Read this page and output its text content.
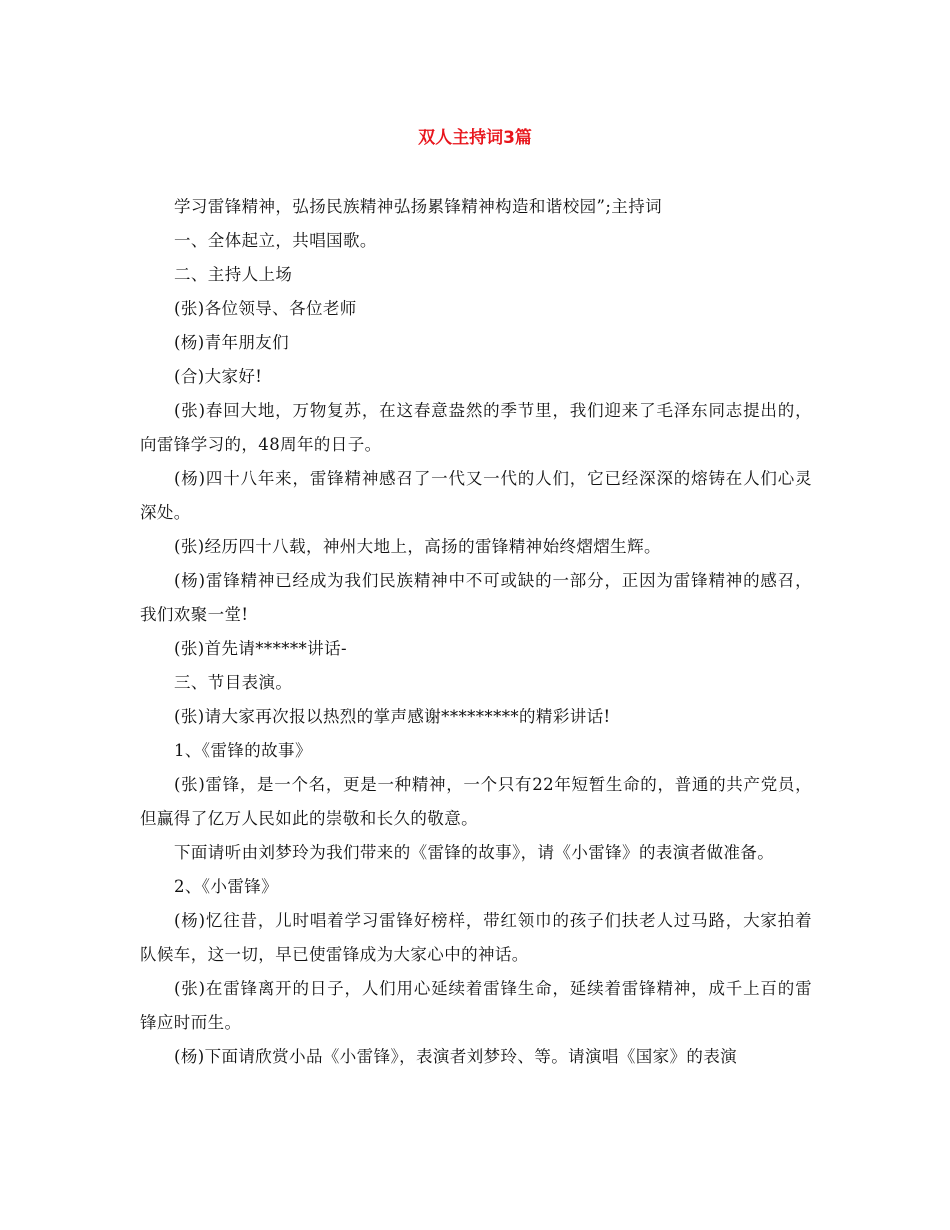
双人主持词3篇

学习雷锋精神，弘扬民族精神弘扬累锋精神构造和谐校园”;主持词

一、全体起立，共唱国歌。

二、主持人上场

(张)各位领导、各位老师

(杨)青年朋友们

(合)大家好!

(张)春回大地，万物复苏，在这春意盎然的季节里，我们迎来了毛泽东同志提出的，向雷锋学习的，48周年的日子。

(杨)四十八年来，雷锋精神感召了一代又一代的人们，它已经深深的熔铸在人们心灵深处。

(张)经历四十八载，神州大地上，高扬的雷锋精神始终熠熠生辉。

(杨)雷锋精神已经成为我们民族精神中不可或缺的一部分，正因为雷锋精神的感召，我们欢聚一堂!

(张)首先请******讲话-

三、节目表演。

(张)请大家再次报以热烈的掌声感谢*********的精彩讲话!

1、《雷锋的故事》

(张)雷锋，是一个名，更是一种精神，一个只有22年短暂生命的，普通的共产党员，但赢得了亿万人民如此的崇敬和长久的敬意。

下面请听由刘梦玲为我们带来的《雷锋的故事》，请《小雷锋》的表演者做准备。

2、《小雷锋》

(杨)忆往昔，儿时唱着学习雷锋好榜样，带红领巾的孩子们扶老人过马路，大家拍着队候车，这一切，早已使雷锋成为大家心中的神话。

(张)在雷锋离开的日子，人们用心延续着雷锋生命，延续着雷锋精神，成千上百的雷锋应时而生。

(杨)下面请欣赏小品《小雷锋》，表演者刘梦玲、等。请演唱《国家》的表演
